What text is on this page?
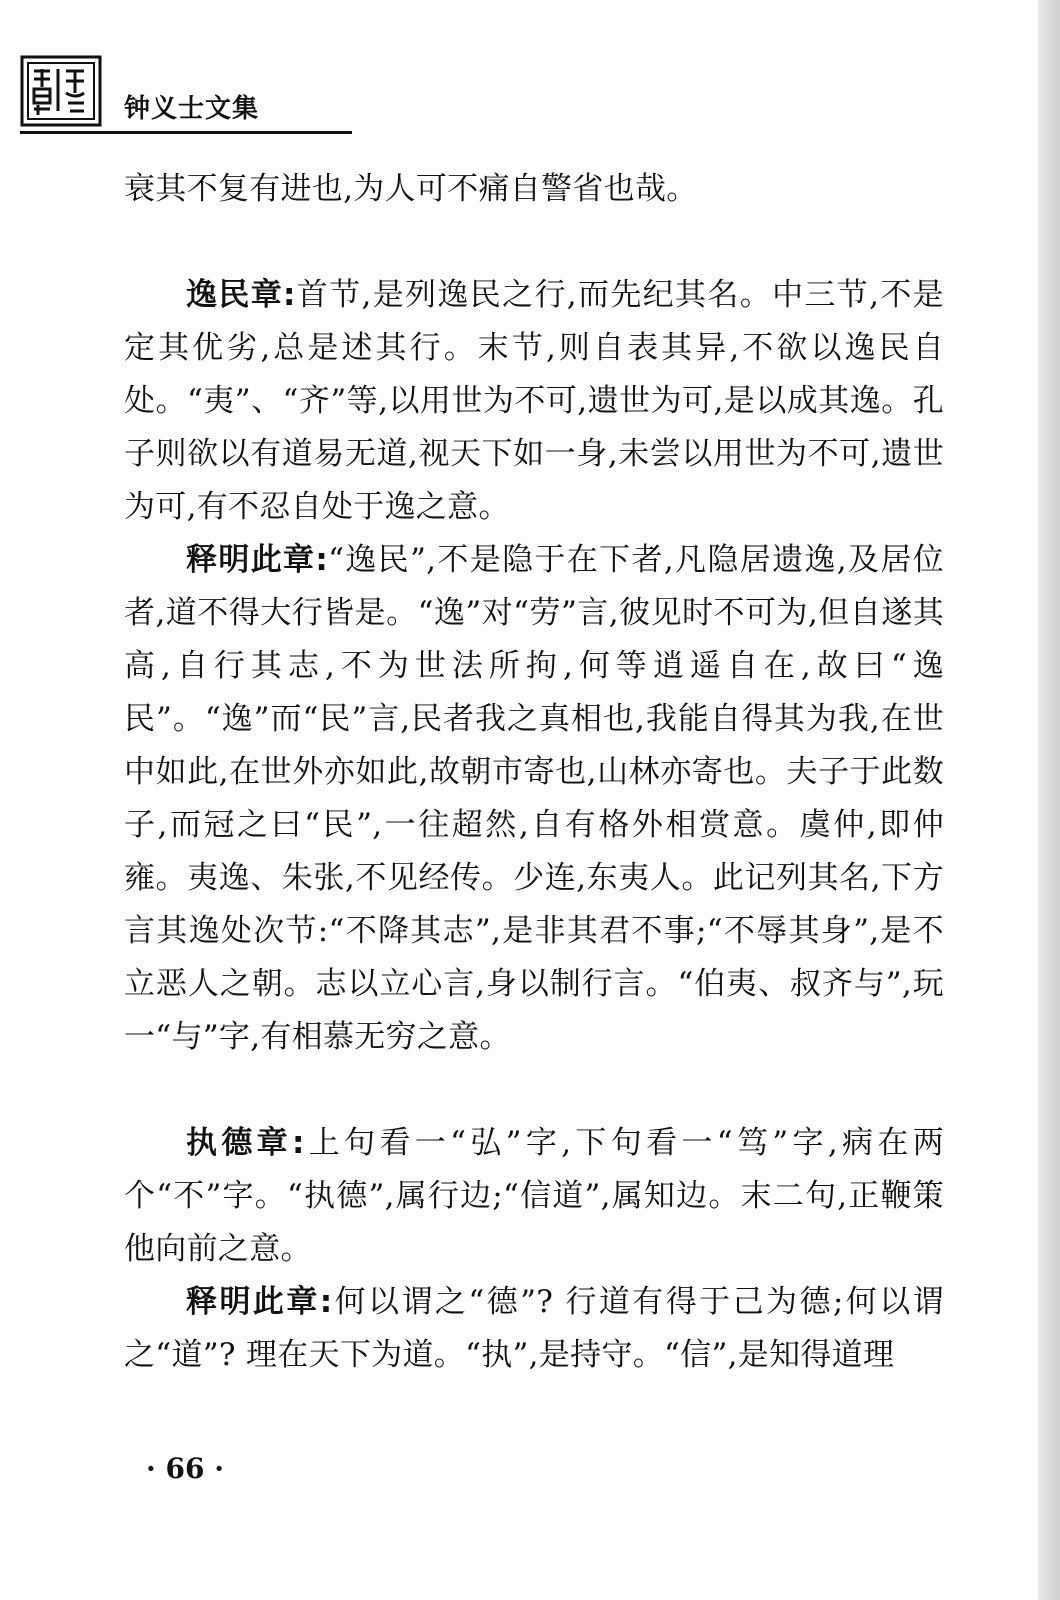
钟义士文集

衰其不复有进也,为人可不痛自警省也哉。

逸民章:首节,是列逸民之行,而先纪其名。中三节,不是定其优劣,总是述其行。末节,则自表其异,不欲以逸民自处。“夷”、“齐”等,以用世为不可,遗世为可,是以成其逸。孔子则欲以有道易无道,视天下如一身,未尝以用世为不可,遗世为可,有不忍自处于逸之意。

释明此章:“逸民”,不是隐于在下者,凡隐居遗逸,及居位者,道不得大行皆是。“逸”对“劳”言,彼见时不可为,但自遂其高,自行其志,不为世法所拘,何等逍遥自在,故曰“逸民”。“逸”而“民”言,民者我之真相也,我能自得其为我,在世中如此,在世外亦如此,故朝市寄也,山林亦寄也。夫子于此数子,而冠之曰“民”,一往超然,自有格外相赏意。虞仲,即仲雍。夷逸、朱张,不见经传。少连,东夷人。此记列其名,下方言其逸处次节:“不降其志”,是非其君不事;“不辱其身”,是不立恶人之朝。志以立心言,身以制行言。“伯夷、叔齐与”,玩一“与”字,有相慕无穷之意。

执德章:上句看一“弘”字,下句看一“笃”字,病在两个“不”字。“执德”,属行边;“信道”,属知边。末二句,正鞭策他向前之意。

释明此章:何以谓之“德”? 行道有得于己为德;何以谓之“道”? 理在天下为道。“执”,是持守。“信”,是知得道理

· 66 ·
